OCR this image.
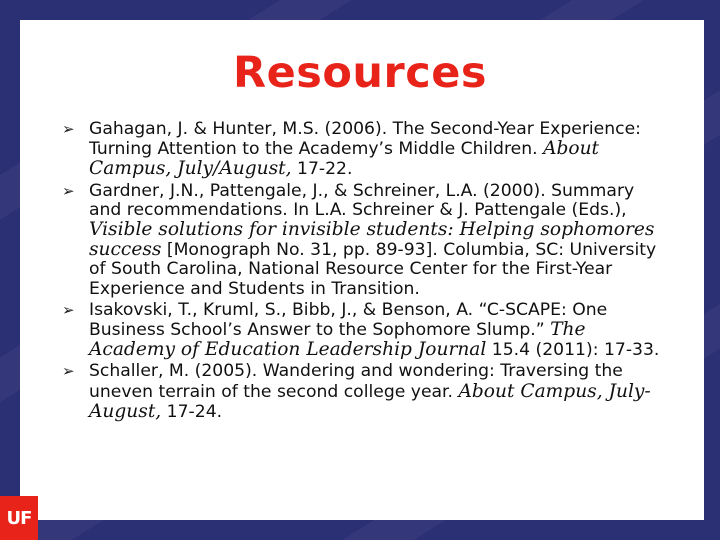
Resources
➢ Gahagan, J. & Hunter, M.S. (2006). The Second-Year Experience: Turning Attention to the Academy’s Middle Children. About Campus, July/August, 17-22.
➢ Gardner, J.N., Pattengale, J., & Schreiner, L.A. (2000). Summary and recommendations. In L.A. Schreiner & J. Pattengale (Eds.), Visible solutions for invisible students: Helping sophomores success [Monograph No. 31, pp. 89-93]. Columbia, SC: University of South Carolina, National Resource Center for the First-Year Experience and Students in Transition.
➢ Isakovski, T., Kruml, S., Bibb, J., & Benson, A. “C-SCAPE: One Business School’s Answer to the Sophomore Slump.” The Academy of Education Leadership Journal 15.4 (2011): 17-33.
➢ Schaller, M. (2005). Wandering and wondering: Traversing the uneven terrain of the second college year. About Campus, July-August, 17-24.
UF
